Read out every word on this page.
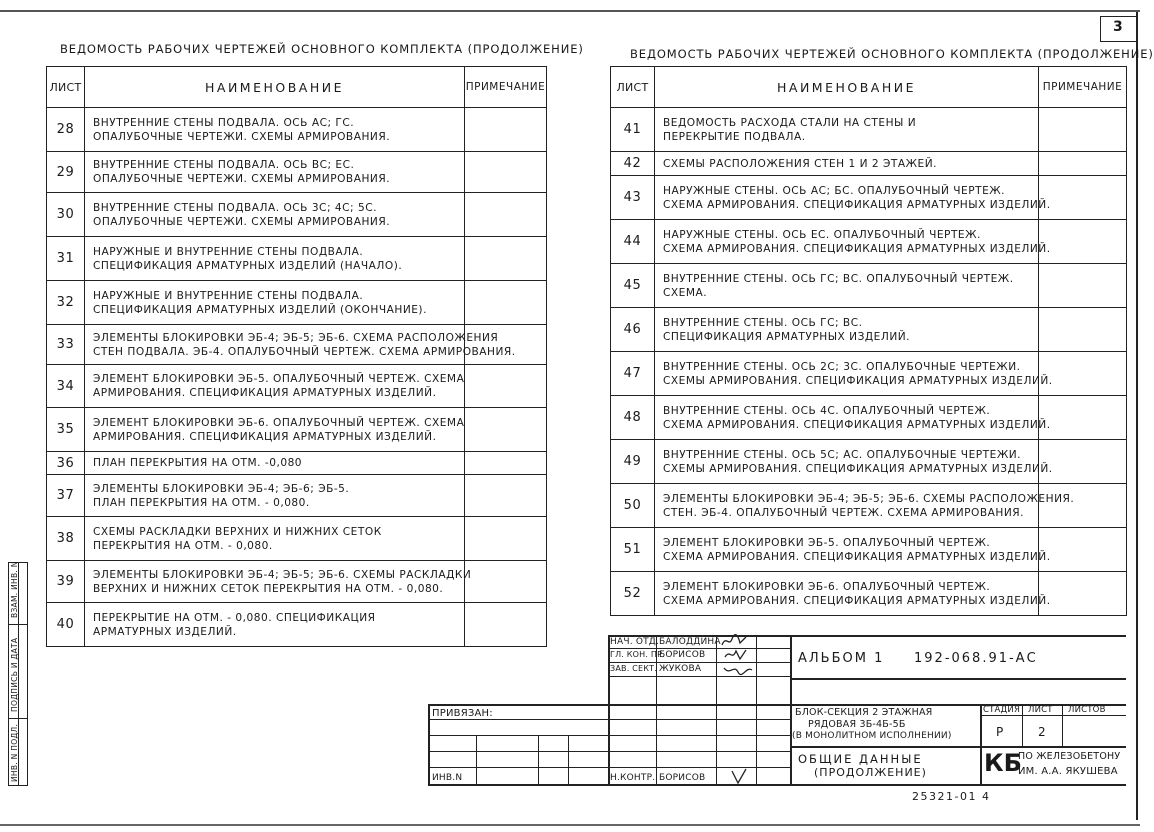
3
ВЕДОМОСТЬ РАБОЧИХ ЧЕРТЕЖЕЙ ОСНОВНОГО КОМПЛЕКТА (ПРОДОЛЖЕНИЕ)
ЛИСТ	НАИМЕНОВАНИЕ	ПРИМЕЧАНИЕ
28	ВНУТРЕННИЕ СТЕНЫ ПОДВАЛА. ОСЬ АС; ГС.
ОПАЛУБОЧНЫЕ ЧЕРТЕЖИ. СХЕМЫ АРМИРОВАНИЯ.	

29	ВНУТРЕННИЕ СТЕНЫ ПОДВАЛА. ОСЬ ВС; ЕС.
ОПАЛУБОЧНЫЕ ЧЕРТЕЖИ. СХЕМЫ АРМИРОВАНИЯ.	

30	ВНУТРЕННИЕ СТЕНЫ ПОДВАЛА. ОСЬ 3С; 4С; 5С.
ОПАЛУБОЧНЫЕ ЧЕРТЕЖИ. СХЕМЫ АРМИРОВАНИЯ.	

31	НАРУЖНЫЕ И ВНУТРЕННИЕ СТЕНЫ ПОДВАЛА.
СПЕЦИФИКАЦИЯ АРМАТУРНЫХ ИЗДЕЛИЙ (НАЧАЛО).	

32	НАРУЖНЫЕ И ВНУТРЕННИЕ СТЕНЫ ПОДВАЛА.
СПЕЦИФИКАЦИЯ АРМАТУРНЫХ ИЗДЕЛИЙ (ОКОНЧАНИЕ).	

33	ЭЛЕМЕНТЫ БЛОКИРОВКИ ЭБ-4; ЭБ-5; ЭБ-6. СХЕМА РАСПОЛОЖЕНИЯ
СТЕН ПОДВАЛА. ЭБ-4. ОПАЛУБОЧНЫЙ ЧЕРТЕЖ. СХЕМА АРМИРОВАНИЯ.	

34	ЭЛЕМЕНТ БЛОКИРОВКИ ЭБ-5. ОПАЛУБОЧНЫЙ ЧЕРТЕЖ. СХЕМА
АРМИРОВАНИЯ. СПЕЦИФИКАЦИЯ АРМАТУРНЫХ ИЗДЕЛИЙ.	

35	ЭЛЕМЕНТ БЛОКИРОВКИ ЭБ-6. ОПАЛУБОЧНЫЙ ЧЕРТЕЖ. СХЕМА
АРМИРОВАНИЯ. СПЕЦИФИКАЦИЯ АРМАТУРНЫХ ИЗДЕЛИЙ.	

36	ПЛАН ПЕРЕКРЫТИЯ НА ОТМ. -0,080	

37	ЭЛЕМЕНТЫ БЛОКИРОВКИ ЭБ-4; ЭБ-6; ЭБ-5.
ПЛАН ПЕРЕКРЫТИЯ НА ОТМ. - 0,080.	

38	СХЕМЫ РАСКЛАДКИ ВЕРХНИХ И НИЖНИХ СЕТОК
ПЕРЕКРЫТИЯ НА ОТМ. - 0,080.	

39	ЭЛЕМЕНТЫ БЛОКИРОВКИ ЭБ-4; ЭБ-5; ЭБ-6. СХЕМЫ РАСКЛАДКИ
ВЕРХНИХ И НИЖНИХ СЕТОК ПЕРЕКРЫТИЯ НА ОТМ. - 0,080.	

40	ПЕРЕКРЫТИЕ НА ОТМ. - 0,080. СПЕЦИФИКАЦИЯ
АРМАТУРНЫХ ИЗДЕЛИЙ.	

ВЕДОМОСТЬ РАБОЧИХ ЧЕРТЕЖЕЙ ОСНОВНОГО КОМПЛЕКТА (ПРОДОЛЖЕНИЕ)
ЛИСТ	НАИМЕНОВАНИЕ	ПРИМЕЧАНИЕ
41	ВЕДОМОСТЬ РАСХОДА СТАЛИ НА СТЕНЫ И
ПЕРЕКРЫТИЕ ПОДВАЛА.	

42	СХЕМЫ РАСПОЛОЖЕНИЯ СТЕН 1 И 2 ЭТАЖЕЙ.	

43	НАРУЖНЫЕ СТЕНЫ. ОСЬ АС; БС. ОПАЛУБОЧНЫЙ ЧЕРТЕЖ.
СХЕМА АРМИРОВАНИЯ. СПЕЦИФИКАЦИЯ АРМАТУРНЫХ ИЗДЕЛИЙ.	

44	НАРУЖНЫЕ СТЕНЫ. ОСЬ ЕС. ОПАЛУБОЧНЫЙ ЧЕРТЕЖ.
СХЕМА АРМИРОВАНИЯ. СПЕЦИФИКАЦИЯ АРМАТУРНЫХ ИЗДЕЛИЙ.	

45	ВНУТРЕННИЕ СТЕНЫ. ОСЬ ГС; ВС. ОПАЛУБОЧНЫЙ ЧЕРТЕЖ.
СХЕМА.	

46	ВНУТРЕННИЕ СТЕНЫ. ОСЬ ГС; ВС.
СПЕЦИФИКАЦИЯ АРМАТУРНЫХ ИЗДЕЛИЙ.	

47	ВНУТРЕННИЕ СТЕНЫ. ОСЬ 2С; 3С. ОПАЛУБОЧНЫЕ ЧЕРТЕЖИ.
СХЕМЫ АРМИРОВАНИЯ. СПЕЦИФИКАЦИЯ АРМАТУРНЫХ ИЗДЕЛИЙ.	

48	ВНУТРЕННИЕ СТЕНЫ. ОСЬ 4С. ОПАЛУБОЧНЫЙ ЧЕРТЕЖ.
СХЕМА АРМИРОВАНИЯ. СПЕЦИФИКАЦИЯ АРМАТУРНЫХ ИЗДЕЛИЙ.	

49	ВНУТРЕННИЕ СТЕНЫ. ОСЬ 5С; АС. ОПАЛУБОЧНЫЕ ЧЕРТЕЖИ.
СХЕМЫ АРМИРОВАНИЯ. СПЕЦИФИКАЦИЯ АРМАТУРНЫХ ИЗДЕЛИЙ.	

50	ЭЛЕМЕНТЫ БЛОКИРОВКИ ЭБ-4; ЭБ-5; ЭБ-6. СХЕМЫ РАСПОЛОЖЕНИЯ.
СТЕН. ЭБ-4. ОПАЛУБОЧНЫЙ ЧЕРТЕЖ. СХЕМА АРМИРОВАНИЯ.	

51	ЭЛЕМЕНТ БЛОКИРОВКИ ЭБ-5. ОПАЛУБОЧНЫЙ ЧЕРТЕЖ.
СХЕМА АРМИРОВАНИЯ. СПЕЦИФИКАЦИЯ АРМАТУРНЫХ ИЗДЕЛИЙ.	

52	ЭЛЕМЕНТ БЛОКИРОВКИ ЭБ-6. ОПАЛУБОЧНЫЙ ЧЕРТЕЖ.
СХЕМА АРМИРОВАНИЯ. СПЕЦИФИКАЦИЯ АРМАТУРНЫХ ИЗДЕЛИЙ.	

ИНВ. N ПОДЛ.
ПОДПИСЬ И ДАТА
ВЗАМ. ИНВ. N
НАЧ. ОТД. БАЛОДДИНА
ГЛ. КОН. ПР.
БОРИСОВ
ЗАВ. СЕКТ. ЖУКОВА
ПРИВЯЗАН:
ИНВ.N	Н.КОНТР. БОРИСОВ
АЛЬБОМ 1 192-068.91-АС
БЛОК-СЕКЦИЯ 2 ЭТАЖНАЯ
РЯДОВАЯ 3Б-4Б-5Б
(В МОНОЛИТНОМ ИСПОЛНЕНИИ)
ОБЩИЕ ДАННЫЕ
(ПРОДОЛЖЕНИЕ)
СТАДИЯ ЛИСТ ЛИСТОВ
Р	2
КБ
ПО ЖЕЛЕЗОБЕТОНУ
ИМ. А.А. ЯКУШЕВА
25321-01 4
